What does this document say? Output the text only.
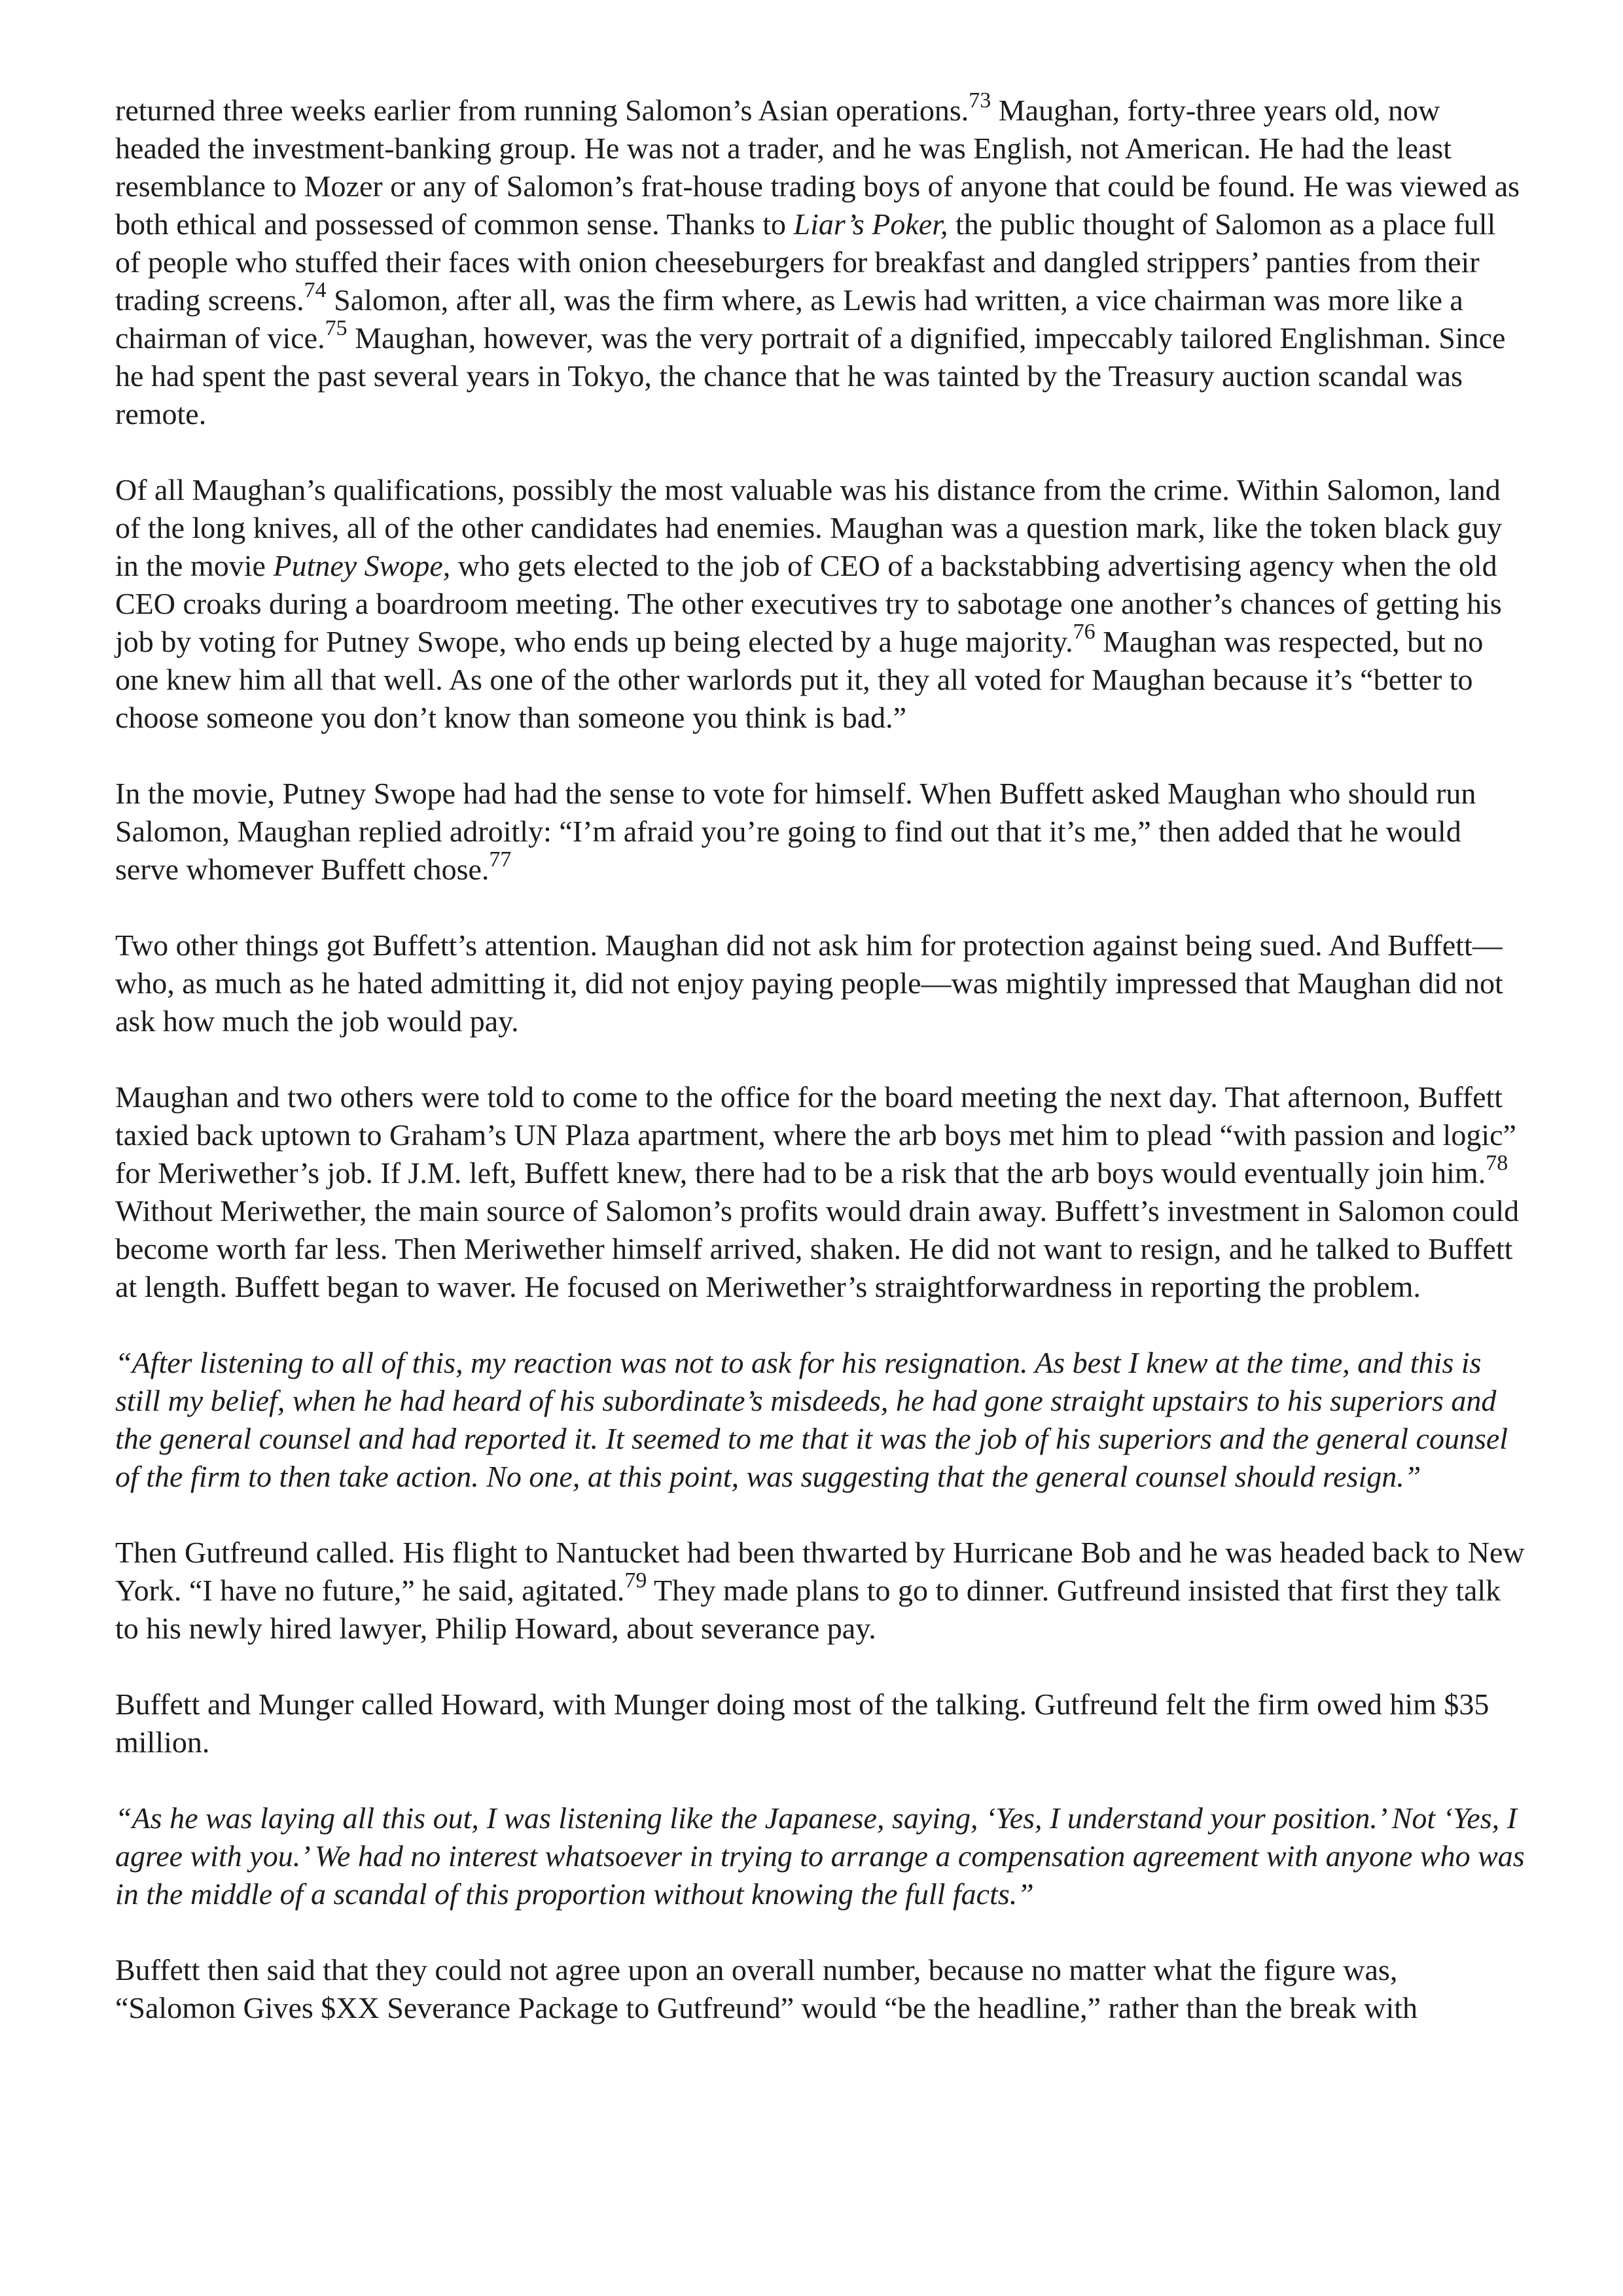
returned three weeks earlier from running Salomon’s Asian operations.$^{73}$ Maughan, forty-three years old, now headed the investment-banking group. He was not a trader, and he was English, not American. He had the least resemblance to Mozer or any of Salomon’s frat-house trading boys of anyone that could be found. He was viewed as both ethical and possessed of common sense. Thanks to Liar’s Poker, the public thought of Salomon as a place full of people who stuffed their faces with onion cheeseburgers for breakfast and dangled strippers’ panties from their trading screens.$^{74}$ Salomon, after all, was the firm where, as Lewis had written, a vice chairman was more like a chairman of vice.$^{75}$ Maughan, however, was the very portrait of a dignified, impeccably tailored Englishman. Since he had spent the past several years in Tokyo, the chance that he was tainted by the Treasury auction scandal was remote.

Of all Maughan’s qualifications, possibly the most valuable was his distance from the crime. Within Salomon, land of the long knives, all of the other candidates had enemies. Maughan was a question mark, like the token black guy in the movie Putney Swope, who gets elected to the job of CEO of a backstabbing advertising agency when the old CEO croaks during a boardroom meeting. The other executives try to sabotage one another’s chances of getting his job by voting for Putney Swope, who ends up being elected by a huge majority.$^{76}$ Maughan was respected, but no one knew him all that well. As one of the other warlords put it, they all voted for Maughan because it’s “better to choose someone you don’t know than someone you think is bad.”

In the movie, Putney Swope had had the sense to vote for himself. When Buffett asked Maughan who should run Salomon, Maughan replied adroitly: “I’m afraid you’re going to find out that it’s me,” then added that he would serve whomever Buffett chose.$^{77}$

Two other things got Buffett’s attention. Maughan did not ask him for protection against being sued. And Buffett—who, as much as he hated admitting it, did not enjoy paying people—was mightily impressed that Maughan did not ask how much the job would pay.

Maughan and two others were told to come to the office for the board meeting the next day. That afternoon, Buffett taxied back uptown to Graham’s UN Plaza apartment, where the arb boys met him to plead “with passion and logic” for Meriwether’s job. If J.M. left, Buffett knew, there had to be a risk that the arb boys would eventually join him.$^{78}$ Without Meriwether, the main source of Salomon’s profits would drain away. Buffett’s investment in Salomon could become worth far less. Then Meriwether himself arrived, shaken. He did not want to resign, and he talked to Buffett at length. Buffett began to waver. He focused on Meriwether’s straightforwardness in reporting the problem.

“After listening to all of this, my reaction was not to ask for his resignation. As best I knew at the time, and this is still my belief, when he had heard of his subordinate’s misdeeds, he had gone straight upstairs to his superiors and the general counsel and had reported it. It seemed to me that it was the job of his superiors and the general counsel of the firm to then take action. No one, at this point, was suggesting that the general counsel should resign.”

Then Gutfreund called. His flight to Nantucket had been thwarted by Hurricane Bob and he was headed back to New York. “I have no future,” he said, agitated.$^{79}$ They made plans to go to dinner. Gutfreund insisted that first they talk to his newly hired lawyer, Philip Howard, about severance pay.

Buffett and Munger called Howard, with Munger doing most of the talking. Gutfreund felt the firm owed him $35 million.

“As he was laying all this out, I was listening like the Japanese, saying, ‘Yes, I understand your position.’ Not ‘Yes, I agree with you.’ We had no interest whatsoever in trying to arrange a compensation agreement with anyone who was in the middle of a scandal of this proportion without knowing the full facts.”

Buffett then said that they could not agree upon an overall number, because no matter what the figure was, “Salomon Gives $XX Severance Package to Gutfreund” would “be the headline,” rather than the break with
